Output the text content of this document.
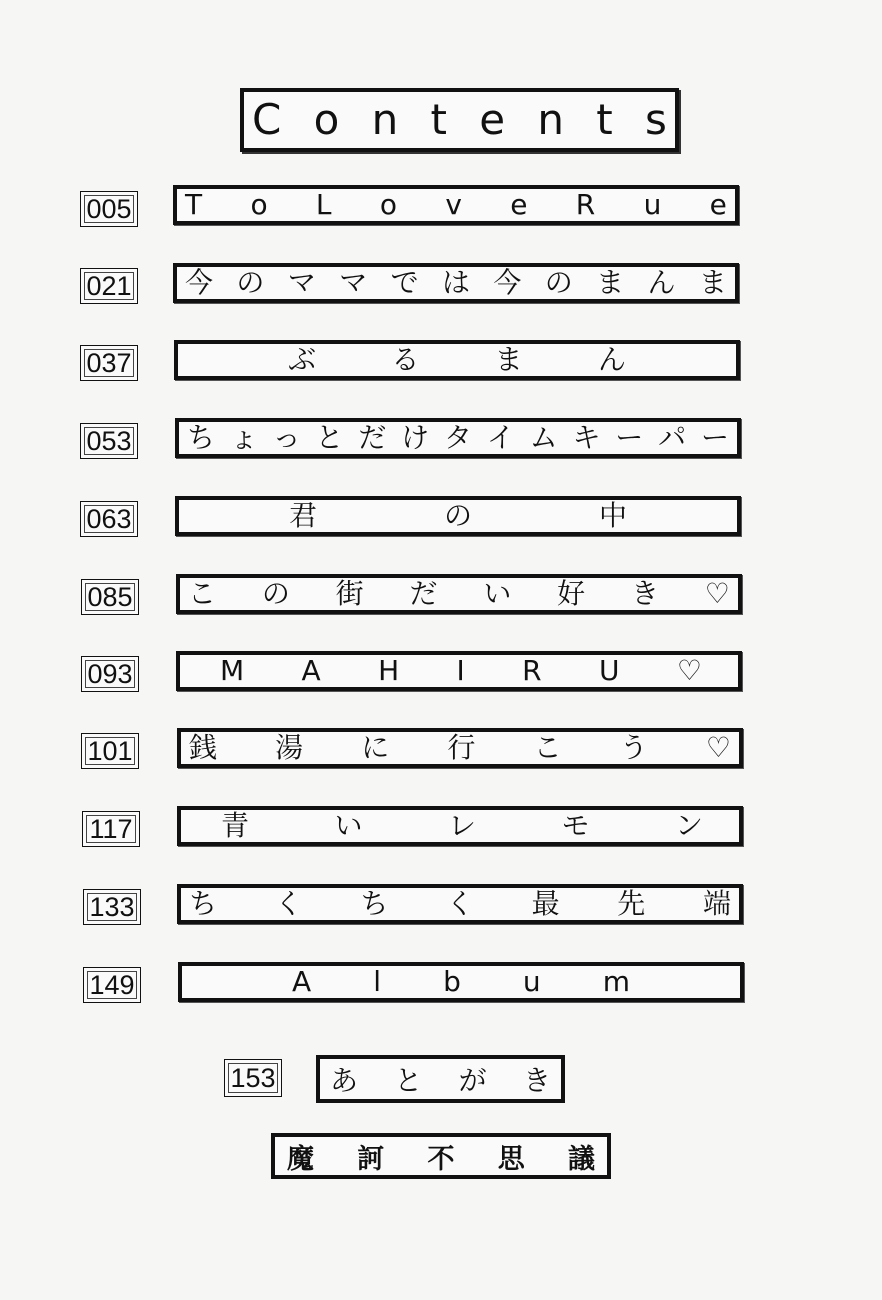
C o n t e n t s
005 T o L o v e R u e
021 今 の マ マ で は 今 の ま ん ま
037	ぶ	る	ま	ん
053 ち ょ っ と だ け タ イ ム キ ー パ ー
063	君	の	中
085 こ の 街 だ い 好 き ♡
093	M A H I R U ♡
101 銭 湯 に 行 こ う ♡
117	青	い	レ	モ	ン
133 ち く ち く 最 先 端
149	A l b u m
153 あ と が き
魔 訶 不 思 議
